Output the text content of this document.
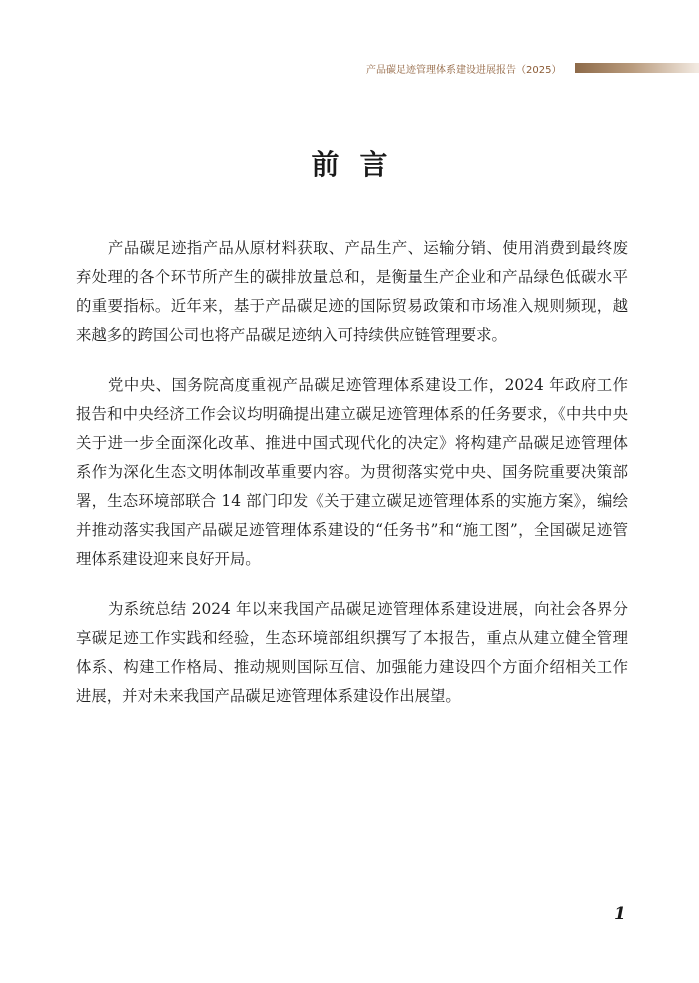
产品碳足迹管理体系建设进展报告（2025）
前言

产品碳足迹指产品从原材料获取、产品生产、运输分销、使用消费到最终废弃处理的各个环节所产生的碳排放量总和，是衡量生产企业和产品绿色低碳水平的重要指标。近年来，基于产品碳足迹的国际贸易政策和市场准入规则频现，越来越多的跨国公司也将产品碳足迹纳入可持续供应链管理要求。

党中央、国务院高度重视产品碳足迹管理体系建设工作，2024 年政府工作报告和中央经济工作会议均明确提出建立碳足迹管理体系的任务要求，《中共中央关于进一步全面深化改革、推进中国式现代化的决定》将构建产品碳足迹管理体系作为深化生态文明体制改革重要内容。为贯彻落实党中央、国务院重要决策部署，生态环境部联合 14 部门印发《关于建立碳足迹管理体系的实施方案》，编绘并推动落实我国产品碳足迹管理体系建设的“任务书”和“施工图”，全国碳足迹管理体系建设迎来良好开局。

为系统总结 2024 年以来我国产品碳足迹管理体系建设进展，向社会各界分享碳足迹工作实践和经验，生态环境部组织撰写了本报告，重点从建立健全管理体系、构建工作格局、推动规则国际互信、加强能力建设四个方面介绍相关工作进展，并对未来我国产品碳足迹管理体系建设作出展望。

1
